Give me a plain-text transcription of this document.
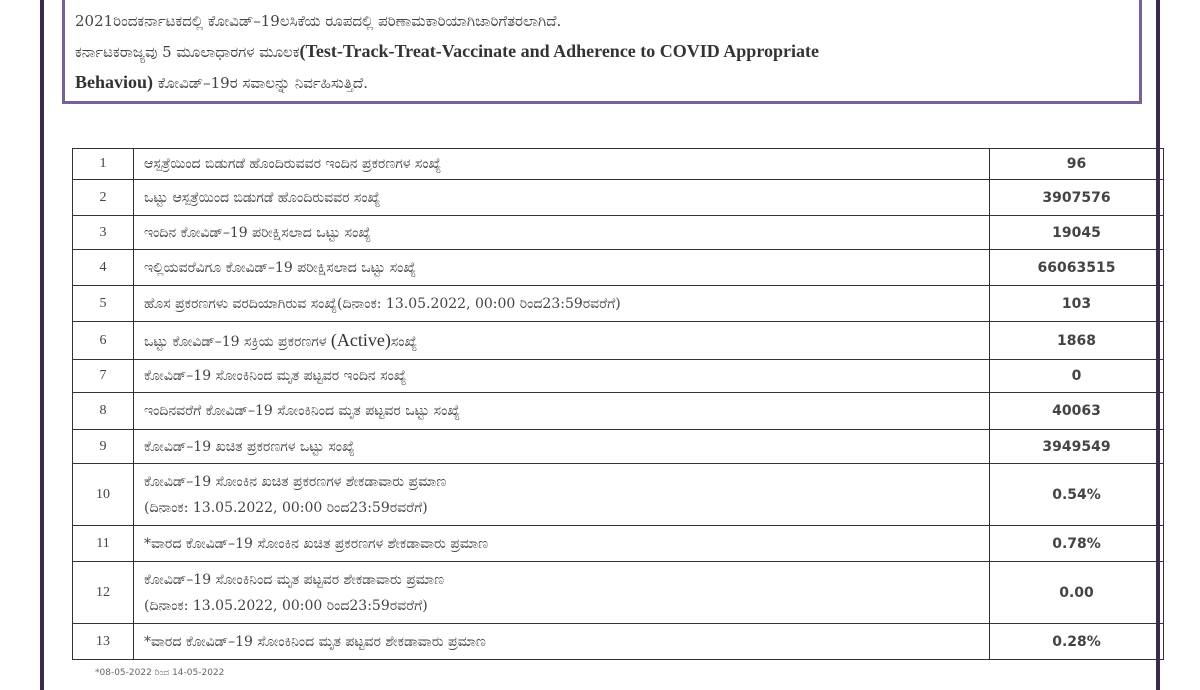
2021ರಿಂದಕರ್ನಾಟಕದಲ್ಲಿ ಕೋವಿಡ್–19ಲಸಿಕೆಯ ರೂಪದಲ್ಲಿ ಪರಿಣಾಮಕಾರಿಯಾಗಿಜಾರಿಗೆತರಲಾಗಿದೆ.
ಕರ್ನಾಟಕರಾಜ್ಯವು 5 ಮೂಲಾಧಾರಗಳ ಮೂಲಕ(Test-Track-Treat-Vaccinate and Adherence to COVID Appropriate
Behaviou) ಕೋವಿಡ್–19ರ ಸವಾಲನ್ನು ನಿರ್ವಹಿಸುತ್ತಿದೆ.
1	ಆಸ್ಪತ್ರೆಯಿಂದ ಬಿಡುಗಡೆ ಹೊಂದಿರುವವರ ಇಂದಿನ ಪ್ರಕರಣಗಳ ಸಂಖ್ಯೆ	96
2	ಒಟ್ಟು ಆಸ್ಪತ್ರೆಯಿಂದ ಬಿಡುಗಡೆ ಹೊಂದಿರುವವರ ಸಂಖ್ಯೆ	3907576
3	ಇಂದಿನ ಕೋವಿಡ್–19 ಪರೀಕ್ಷಿಸಲಾದ ಒಟ್ಟು ಸಂಖ್ಯೆ	19045
4	ಇಲ್ಲಿಯವರೆವಿಗೂ ಕೋವಿಡ್–19 ಪರೀಕ್ಷಿಸಲಾದ ಒಟ್ಟು ಸಂಖ್ಯೆ	66063515
5	ಹೊಸ ಪ್ರಕರಣಗಳು ವರದಿಯಾಗಿರುವ ಸಂಖ್ಯೆ(ದಿನಾಂಕ: 13.05.2022, 00:00 ರಿಂದ23:59ರವರೆಗೆ)	103
6	ಒಟ್ಟು ಕೋವಿಡ್–19 ಸಕ್ರಿಯ ಪ್ರಕರಣಗಳ (Active)ಸಂಖ್ಯೆ	1868
7	ಕೋವಿಡ್–19 ಸೋಂಕಿನಿಂದ ಮೃತ ಪಟ್ಟವರ ಇಂದಿನ ಸಂಖ್ಯೆ	0
8	ಇಂದಿನವರೆಗೆ ಕೋವಿಡ್–19 ಸೋಂಕಿನಿಂದ ಮೃತ ಪಟ್ಟವರ ಒಟ್ಟು ಸಂಖ್ಯೆ	40063
9	ಕೋವಿಡ್–19 ಖಚಿತ ಪ್ರಕರಣಗಳ ಒಟ್ಟು ಸಂಖ್ಯೆ	3949549
10	ಕೋವಿಡ್–19 ಸೋಂಕಿನ ಖಚಿತ ಪ್ರಕರಣಗಳ ಶೇಕಡಾವಾರು ಪ್ರಮಾಣ
(ದಿನಾಂಕ: 13.05.2022, 00:00 ರಿಂದ23:59ರವರೆಗೆ)	0.54%
11	*ವಾರದ ಕೋವಿಡ್–19 ಸೋಂಕಿನ ಖಚಿತ ಪ್ರಕರಣಗಳ ಶೇಕಡಾವಾರು ಪ್ರಮಾಣ	0.78%
12	ಕೋವಿಡ್–19 ಸೋಂಕಿನಿಂದ ಮೃತ ಪಟ್ಟವರ ಶೇಕಡಾವಾರು ಪ್ರಮಾಣ
(ದಿನಾಂಕ: 13.05.2022, 00:00 ರಿಂದ23:59ರವರೆಗೆ)	0.00
13	*ವಾರದ ಕೋವಿಡ್–19 ಸೋಂಕಿನಿಂದ ಮೃತ ಪಟ್ಟವರ ಶೇಕಡಾವಾರು ಪ್ರಮಾಣ	0.28%
*08-05-2022 ರಿಂದ 14-05-2022
